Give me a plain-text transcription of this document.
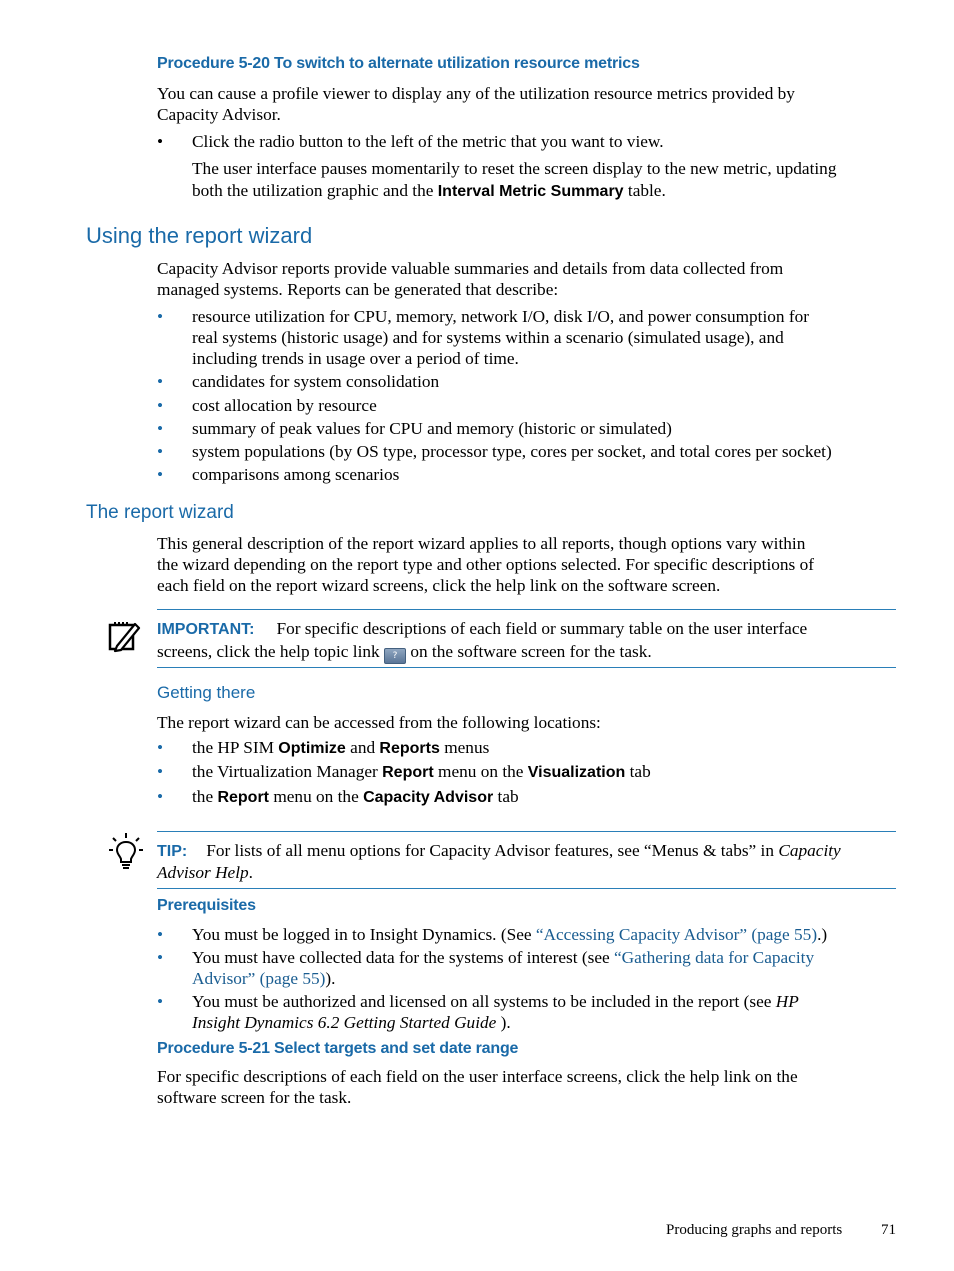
Procedure 5-20 To switch to alternate utilization resource metrics
You can cause a profile viewer to display any of the utilization resource metrics provided by
Capacity Advisor.
• Click the radio button to the left of the metric that you want to view.
The user interface pauses momentarily to reset the screen display to the new metric, updating
both the utilization graphic and the Interval Metric Summary table.
Using the report wizard
Capacity Advisor reports provide valuable summaries and details from data collected from
managed systems. Reports can be generated that describe:
• resource utilization for CPU, memory, network I/O, disk I/O, and power consumption for
real systems (historic usage) and for systems within a scenario (simulated usage), and
including trends in usage over a period of time.
• candidates for system consolidation
• cost allocation by resource
• summary of peak values for CPU and memory (historic or simulated)
• system populations (by OS type, processor type, cores per socket, and total cores per socket)
• comparisons among scenarios
The report wizard
This general description of the report wizard applies to all reports, though options vary within
the wizard depending on the report type and other options selected. For specific descriptions of
each field on the report wizard screens, click the help link on the software screen.
IMPORTANT: For specific descriptions of each field or summary table on the user interface
screens, click the help topic link ? on the software screen for the task.
Getting there
The report wizard can be accessed from the following locations:
• the HP SIM Optimize and Reports menus
• the Virtualization Manager Report menu on the Visualization tab
• the Report menu on the Capacity Advisor tab
TIP: For lists of all menu options for Capacity Advisor features, see “Menus & tabs” in Capacity
Advisor Help.
Prerequisites
• You must be logged in to Insight Dynamics. (See “Accessing Capacity Advisor” (page 55).)
• You must have collected data for the systems of interest (see “Gathering data for Capacity
Advisor” (page 55)).
• You must be authorized and licensed on all systems to be included in the report (see HP
Insight Dynamics 6.2 Getting Started Guide ).
Procedure 5-21 Select targets and set date range
For specific descriptions of each field on the user interface screens, click the help link on the
software screen for the task.
Producing graphs and reports	71
